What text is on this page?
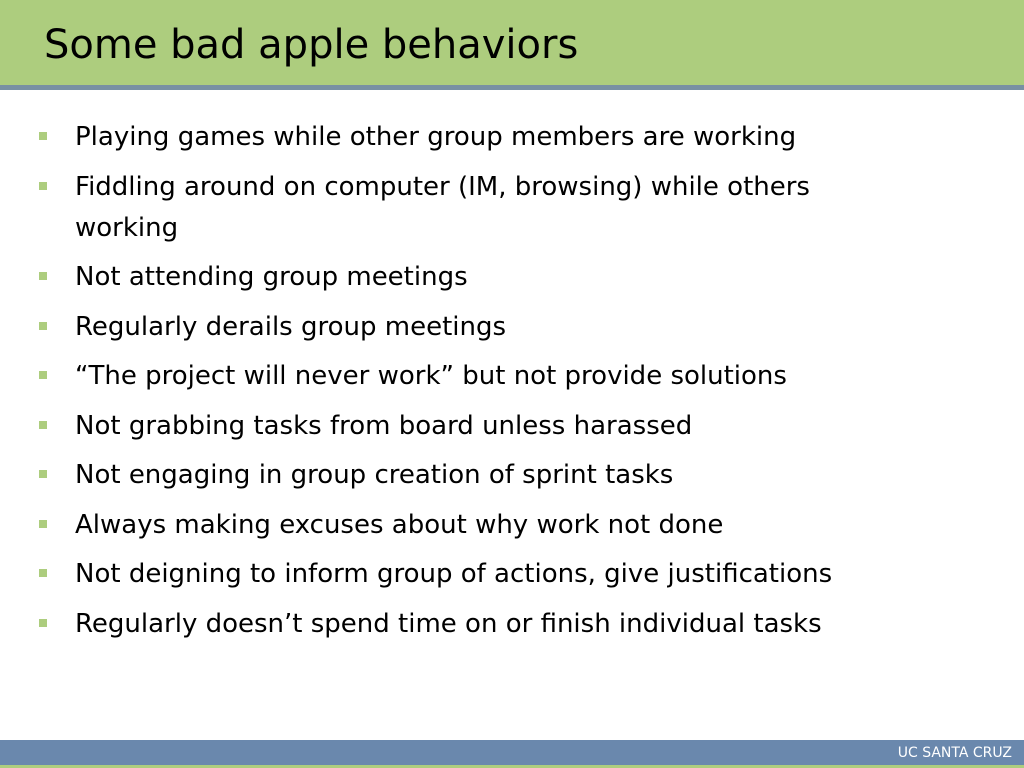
Some bad apple behaviors
Playing games while other group members are working
Fiddling around on computer (IM, browsing) while others working
Not attending group meetings
Regularly derails group meetings
“The project will never work” but not provide solutions
Not grabbing tasks from board unless harassed
Not engaging in group creation of sprint tasks
Always making excuses about why work not done
Not deigning to inform group of actions, give justifications
Regularly doesn’t spend time on or finish individual tasks
UC SANTA CRUZ
